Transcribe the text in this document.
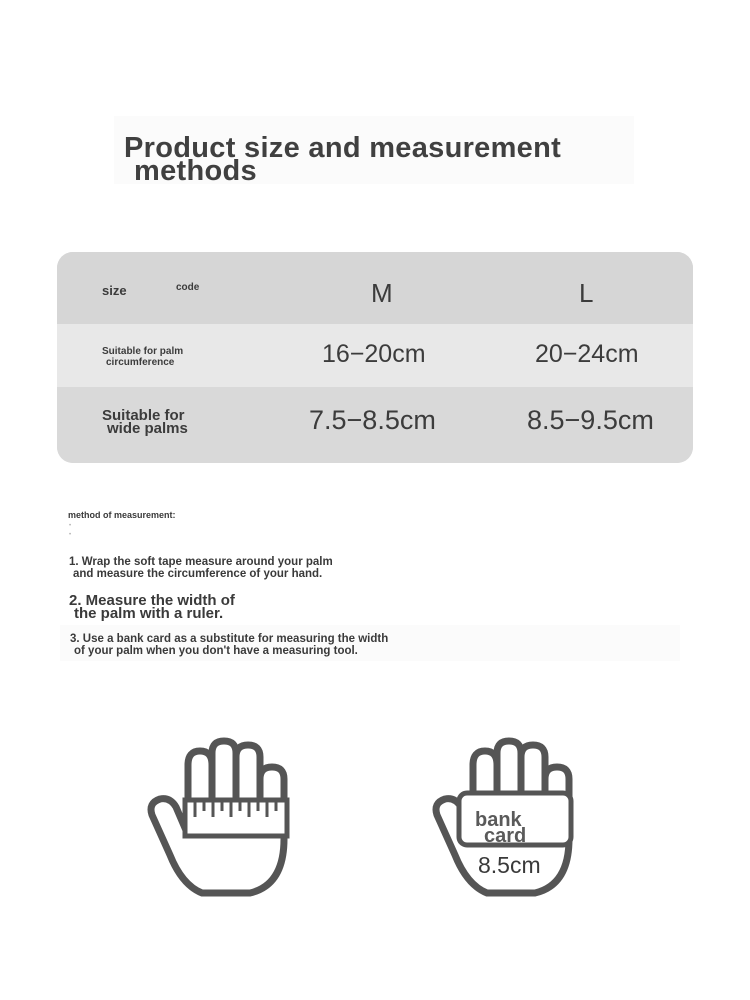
Product size and measurement
methods
size	code	M	L
Suitable for palm
circumference	16−20cm	20−24cm
Suitable for
wide palms	7.5−8.5cm	8.5−9.5cm
method of measurement:
•
•
1. Wrap the soft tape measure around your palm
and measure the circumference of your hand.
2. Measure the width of
the palm with a ruler.
3. Use a bank card as a substitute for measuring the width
of your palm when you don't have a measuring tool.
bank
card
8.5cm
